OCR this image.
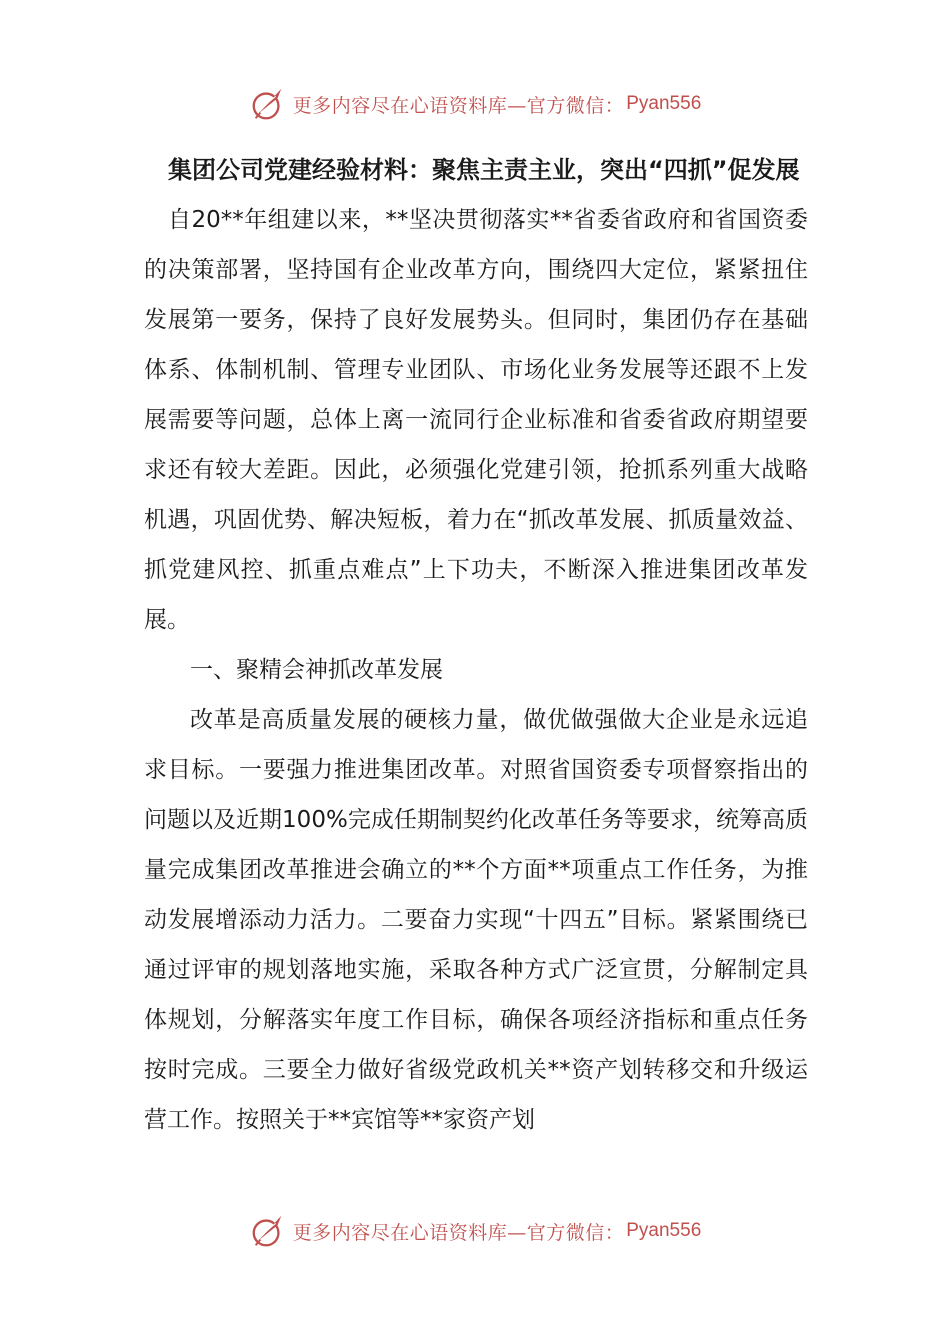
更多内容尽在心语资料库—官方微信： Pyan556

集团公司党建经验材料：聚焦主责主业，突出“四抓”促发展

自20**年组建以来，**坚决贯彻落实**省委省政府和省国资委的决策部署，坚持国有企业改革方向，围绕四大定位，紧紧扭住发展第一要务，保持了良好发展势头。但同时，集团仍存在基础体系、体制机制、管理专业团队、市场化业务发展等还跟不上发展需要等问题，总体上离一流同行企业标准和省委省政府期望要求还有较大差距。因此，必须强化党建引领，抢抓系列重大战略机遇，巩固优势、解决短板，着力在“抓改革发展、抓质量效益、抓党建风控、抓重点难点”上下功夫，不断深入推进集团改革发展。

一、聚精会神抓改革发展

改革是高质量发展的硬核力量，做优做强做大企业是永远追求目标。一要强力推进集团改革。对照省国资委专项督察指出的问题以及近期100%完成任期制契约化改革任务等要求，统筹高质量完成集团改革推进会确立的**个方面**项重点工作任务，为推动发展增添动力活力。二要奋力实现“十四五”目标。紧紧围绕已通过评审的规划落地实施，采取各种方式广泛宣贯，分解制定具体规划，分解落实年度工作目标，确保各项经济指标和重点任务按时完成。三要全力做好省级党政机关**资产划转移交和升级运营工作。按照关于**宾馆等**家资产划

更多内容尽在心语资料库—官方微信： Pyan556
